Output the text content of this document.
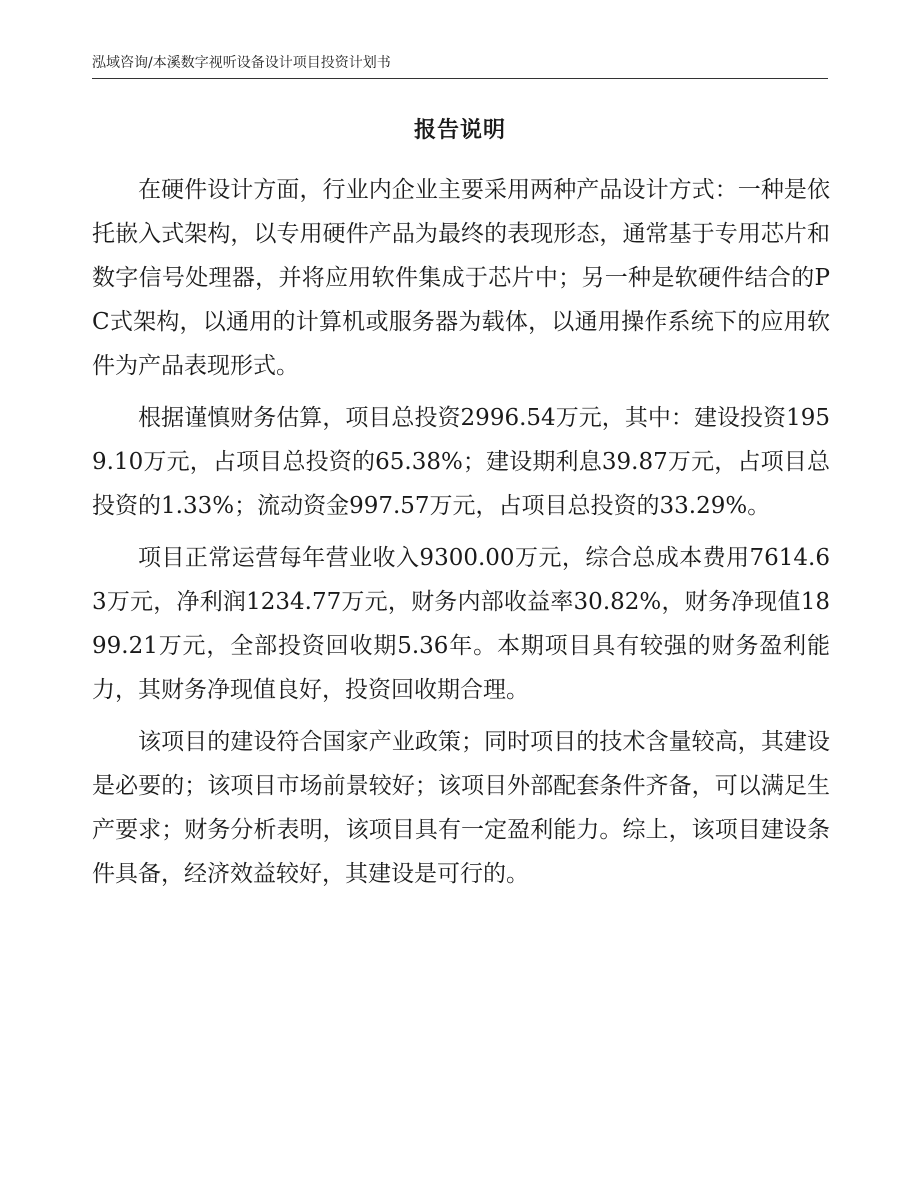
泓域咨询/本溪数字视听设备设计项目投资计划书
报告说明

在硬件设计方面，行业内企业主要采用两种产品设计方式：一种是依托嵌入式架构，以专用硬件产品为最终的表现形态，通常基于专用芯片和数字信号处理器，并将应用软件集成于芯片中；另一种是软硬件结合的PC式架构，以通用的计算机或服务器为载体，以通用操作系统下的应用软件为产品表现形式。

根据谨慎财务估算，项目总投资2996.54万元，其中：建设投资1959.10万元，占项目总投资的65.38%；建设期利息39.87万元，占项目总投资的1.33%；流动资金997.57万元，占项目总投资的33.29%。

项目正常运营每年营业收入9300.00万元，综合总成本费用7614.63万元，净利润1234.77万元，财务内部收益率30.82%，财务净现值1899.21万元，全部投资回收期5.36年。本期项目具有较强的财务盈利能力，其财务净现值良好，投资回收期合理。

该项目的建设符合国家产业政策；同时项目的技术含量较高，其建设是必要的；该项目市场前景较好；该项目外部配套条件齐备，可以满足生产要求；财务分析表明，该项目具有一定盈利能力。综上，该项目建设条件具备，经济效益较好，其建设是可行的。
